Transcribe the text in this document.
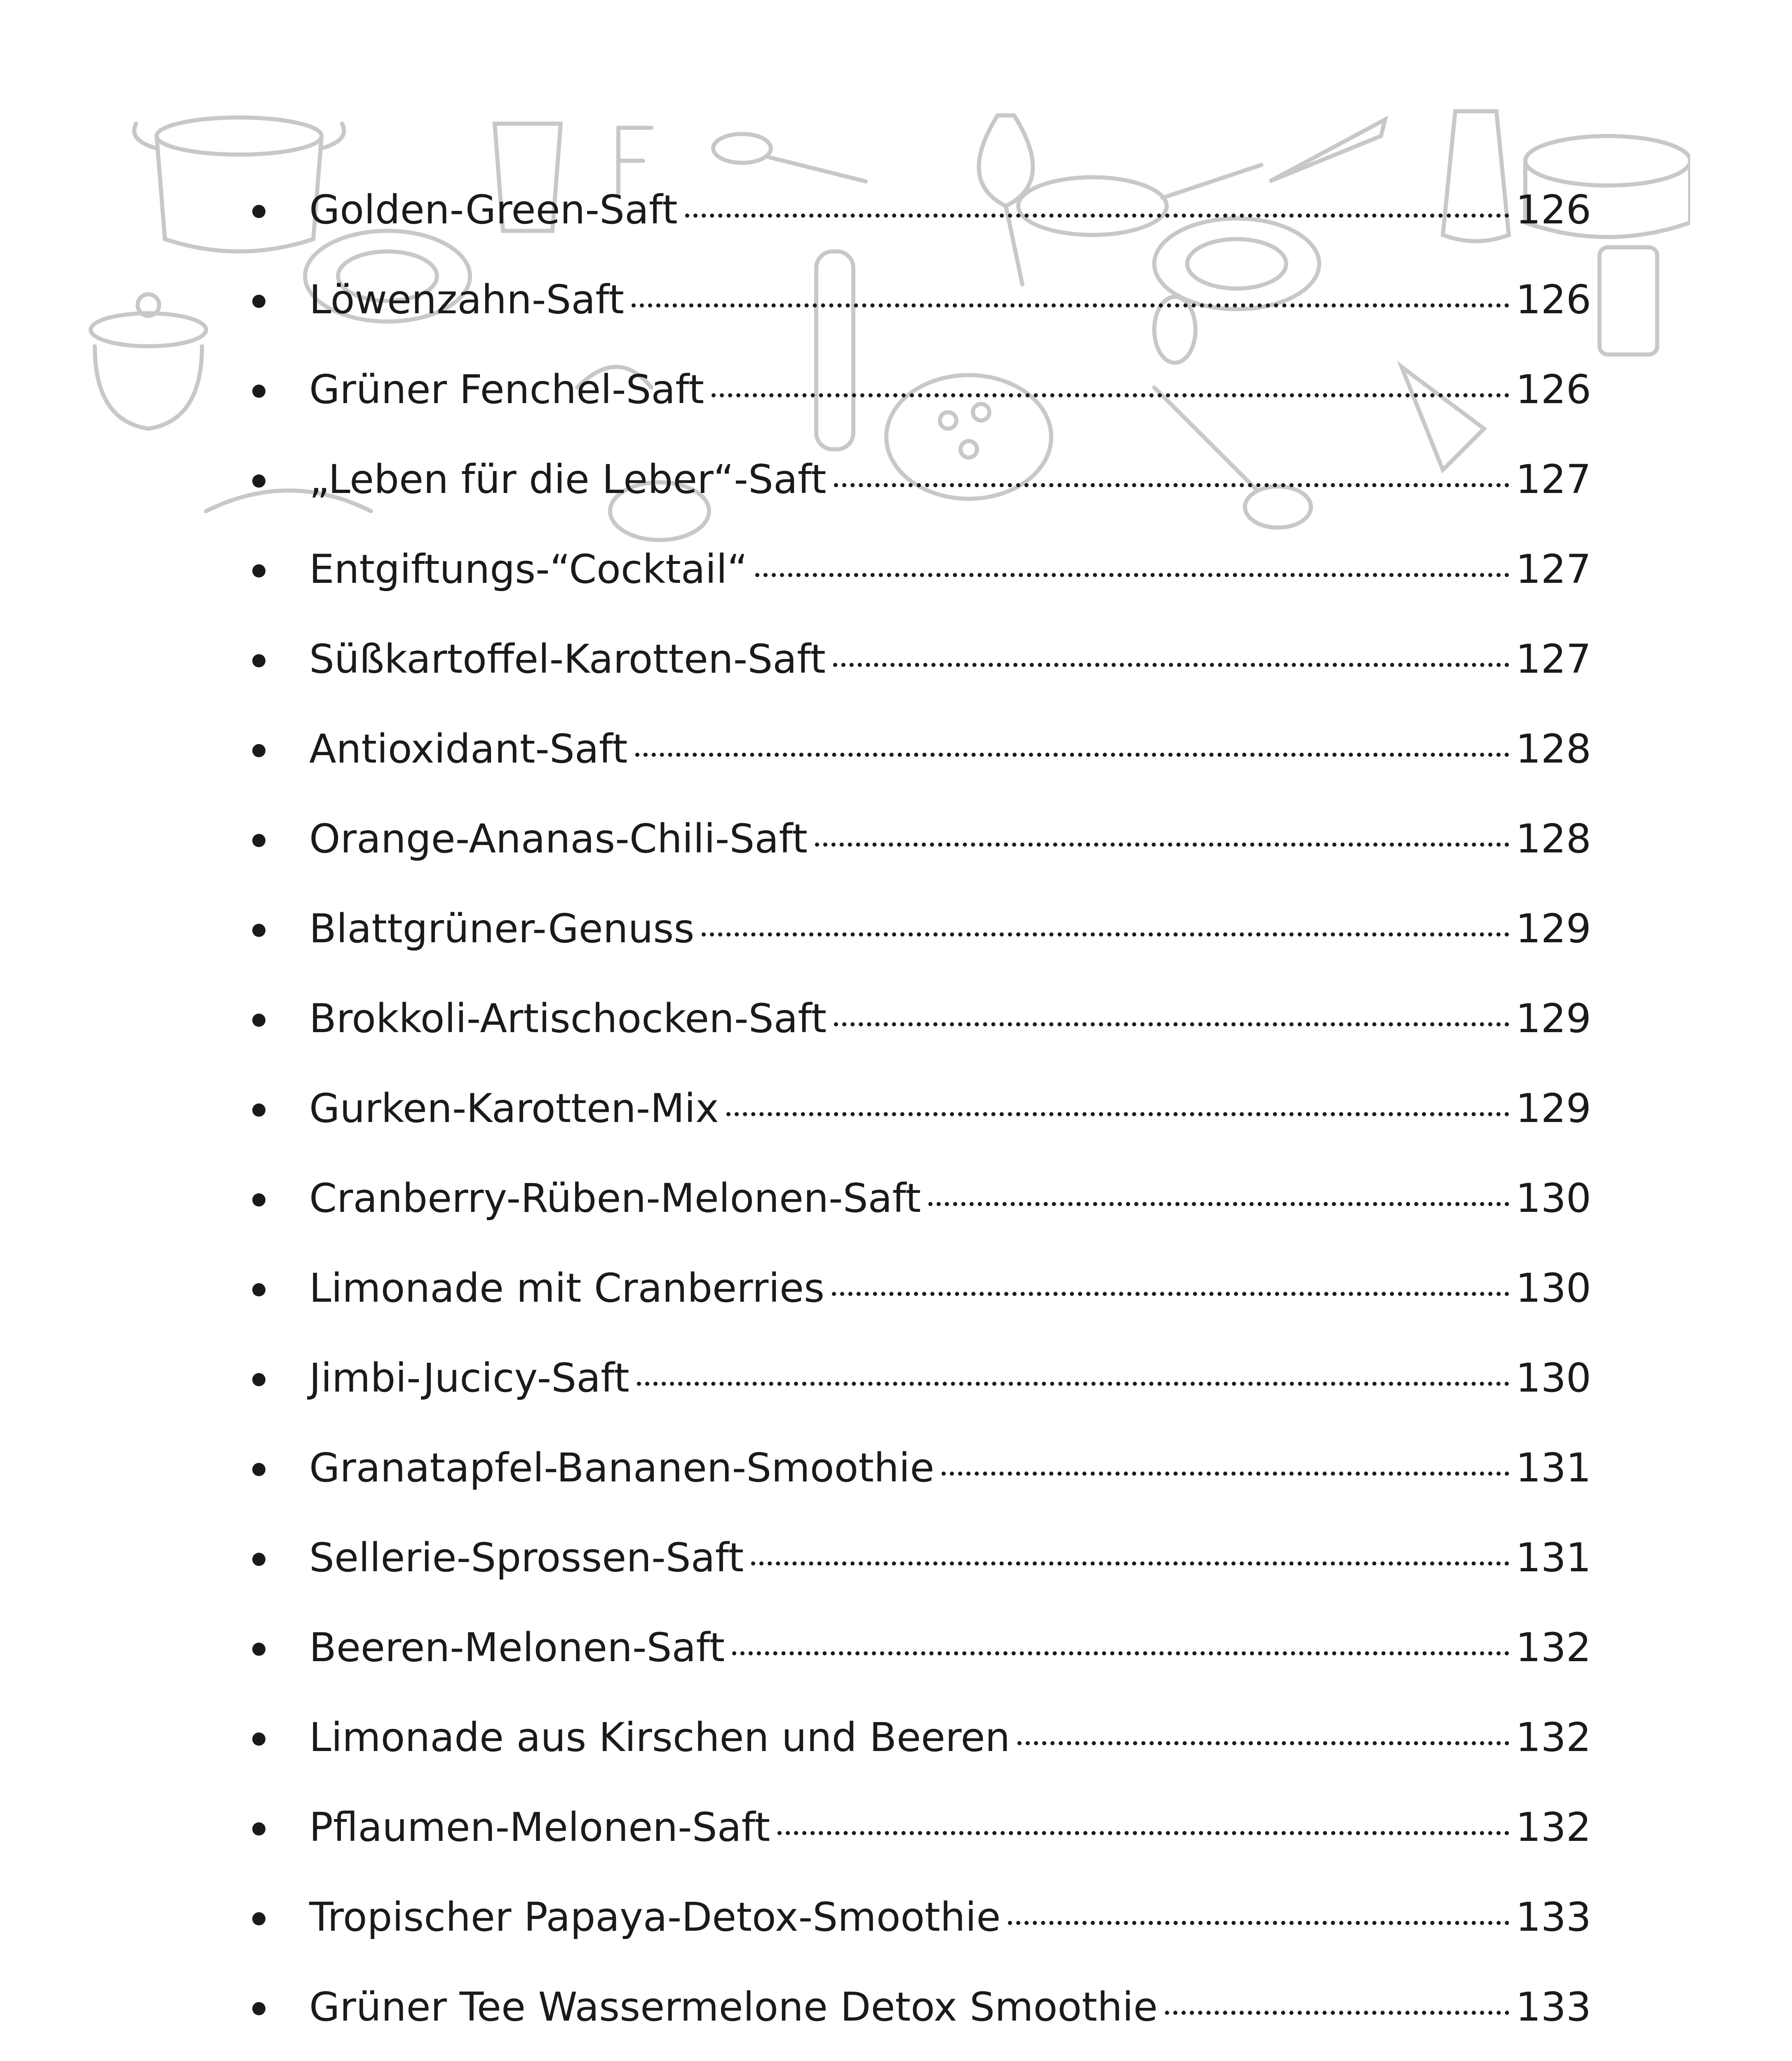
Golden-Green-Saft	126
Löwenzahn-Saft	126
Grüner Fenchel-Saft	126
„Leben für die Leber“-Saft	127
Entgiftungs-“Cocktail“	127
Süßkartoffel-Karotten-Saft	127
Antioxidant-Saft	128
Orange-Ananas-Chili-Saft	128
Blattgrüner-Genuss	129
Brokkoli-Artischocken-Saft	129
Gurken-Karotten-Mix	129
Cranberry-Rüben-Melonen-Saft	130
Limonade mit Cranberries	130
Jimbi-Jucicy-Saft	130
Granatapfel-Bananen-Smoothie	131
Sellerie-Sprossen-Saft	131
Beeren-Melonen-Saft	132
Limonade aus Kirschen und Beeren	132
Pflaumen-Melonen-Saft	132
Tropischer Papaya-Detox-Smoothie	133
Grüner Tee Wassermelone Detox Smoothie	133
